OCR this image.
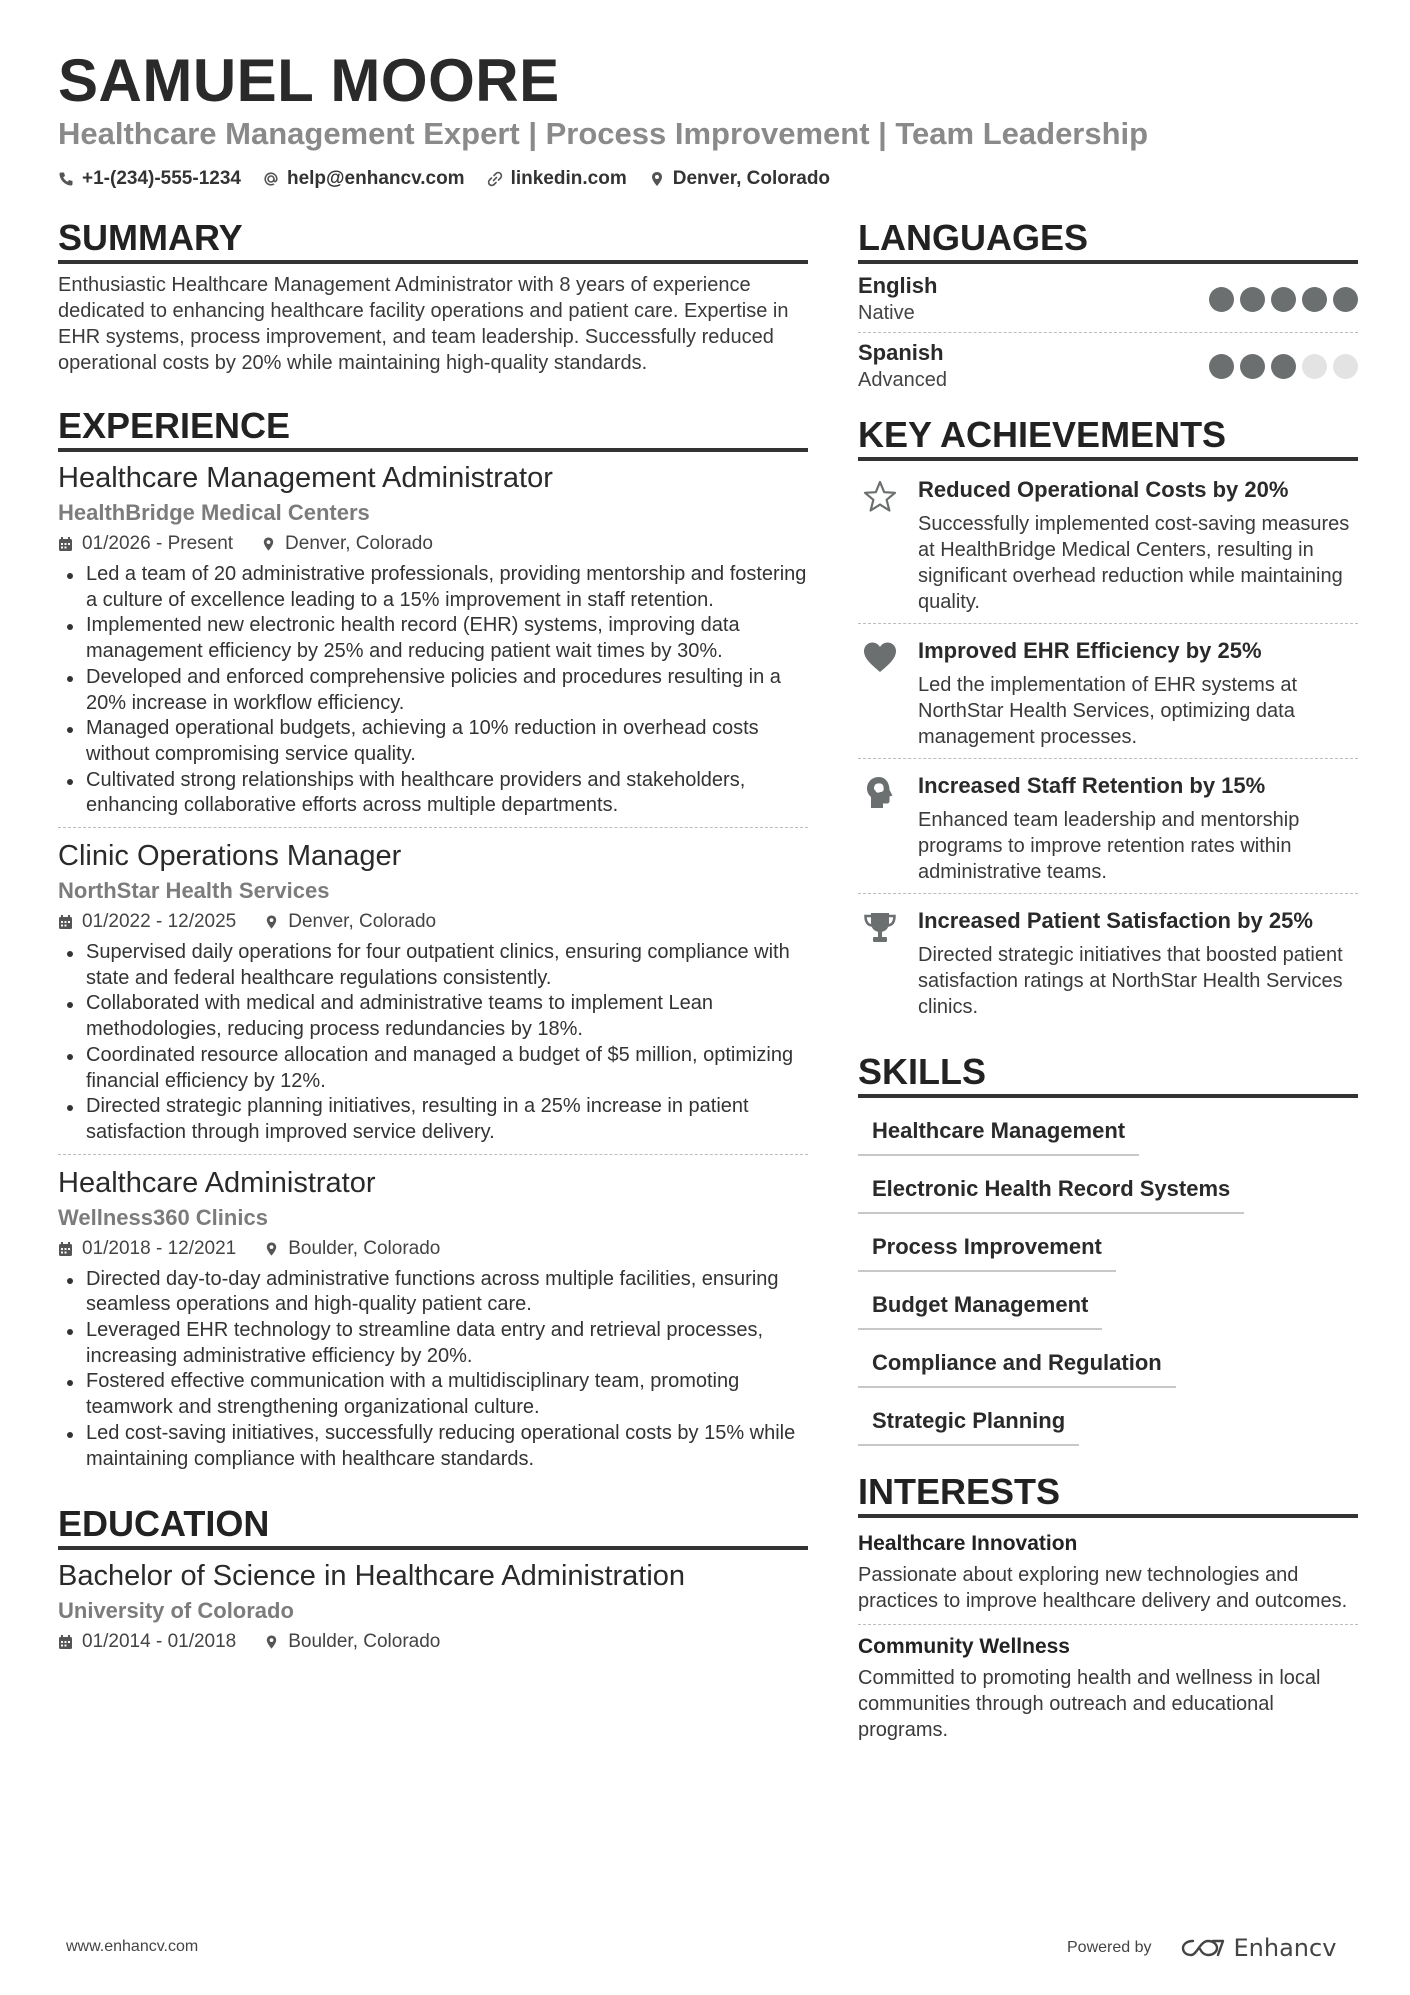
SAMUEL MOORE
Healthcare Management Expert | Process Improvement | Team Leadership
+1-(234)-555-1234 help@enhancv.com linkedin.com Denver, Colorado
SUMMARY
Enthusiastic Healthcare Management Administrator with 8 years of experience dedicated to enhancing healthcare facility operations and patient care. Expertise in EHR systems, process improvement, and team leadership. Successfully reduced operational costs by 20% while maintaining high-quality standards.
EXPERIENCE
Healthcare Management Administrator
HealthBridge Medical Centers
01/2026 - Present	Denver, Colorado
Led a team of 20 administrative professionals, providing mentorship and fostering a culture of excellence leading to a 15% improvement in staff retention.
Implemented new electronic health record (EHR) systems, improving data management efficiency by 25% and reducing patient wait times by 30%.
Developed and enforced comprehensive policies and procedures resulting in a 20% increase in workflow efficiency.
Managed operational budgets, achieving a 10% reduction in overhead costs without compromising service quality.
Cultivated strong relationships with healthcare providers and stakeholders, enhancing collaborative efforts across multiple departments.
Clinic Operations Manager
NorthStar Health Services
01/2022 - 12/2025	Denver, Colorado
Supervised daily operations for four outpatient clinics, ensuring compliance with state and federal healthcare regulations consistently.
Collaborated with medical and administrative teams to implement Lean methodologies, reducing process redundancies by 18%.
Coordinated resource allocation and managed a budget of $5 million, optimizing financial efficiency by 12%.
Directed strategic planning initiatives, resulting in a 25% increase in patient satisfaction through improved service delivery.
Healthcare Administrator
Wellness360 Clinics
01/2018 - 12/2021	Boulder, Colorado
Directed day-to-day administrative functions across multiple facilities, ensuring seamless operations and high-quality patient care.
Leveraged EHR technology to streamline data entry and retrieval processes, increasing administrative efficiency by 20%.
Fostered effective communication with a multidisciplinary team, promoting teamwork and strengthening organizational culture.
Led cost-saving initiatives, successfully reducing operational costs by 15% while maintaining compliance with healthcare standards.
EDUCATION
Bachelor of Science in Healthcare Administration
University of Colorado
01/2014 - 01/2018	Boulder, Colorado
LANGUAGES
English
Native
Spanish
Advanced
KEY ACHIEVEMENTS
Reduced Operational Costs by 20%
Successfully implemented cost-saving measures at HealthBridge Medical Centers, resulting in significant overhead reduction while maintaining quality.
Improved EHR Efficiency by 25%
Led the implementation of EHR systems at NorthStar Health Services, optimizing data management processes.
Increased Staff Retention by 15%
Enhanced team leadership and mentorship programs to improve retention rates within administrative teams.
Increased Patient Satisfaction by 25%
Directed strategic initiatives that boosted patient satisfaction ratings at NorthStar Health Services clinics.
SKILLS
Healthcare Management
Electronic Health Record Systems
Process Improvement
Budget Management
Compliance and Regulation
Strategic Planning
INTERESTS
Healthcare Innovation
Passionate about exploring new technologies and practices to improve healthcare delivery and outcomes.
Community Wellness
Committed to promoting health and wellness in local communities through outreach and educational programs.
www.enhancv.com	Powered by	Enhancv
